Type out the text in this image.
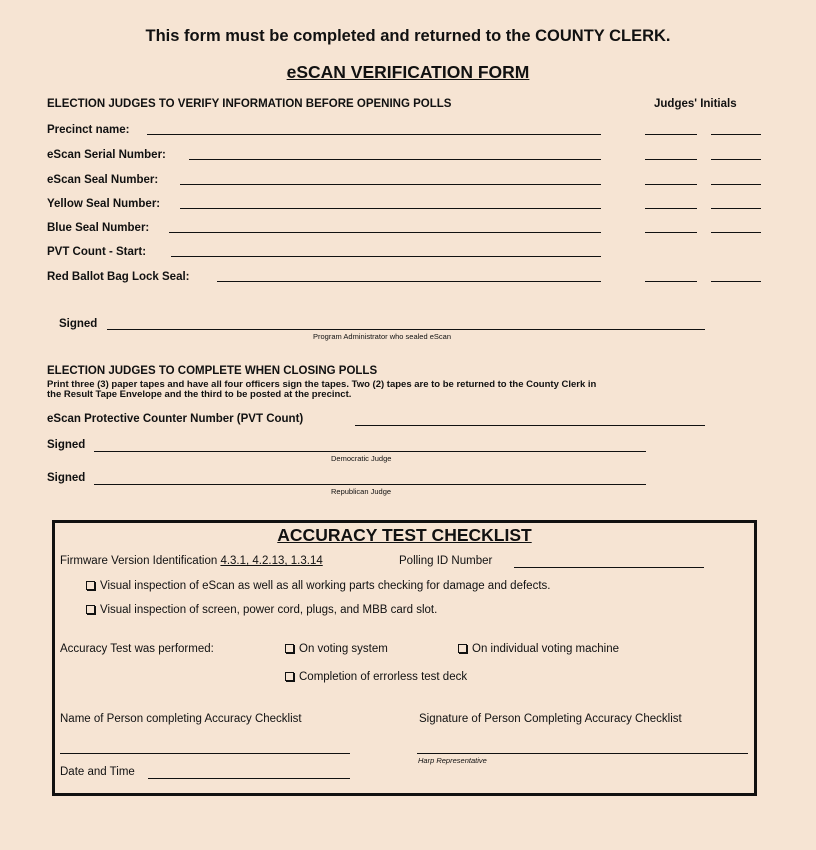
This form must be completed and returned to the COUNTY CLERK.
eSCAN VERIFICATION FORM
ELECTION JUDGES TO VERIFY INFORMATION BEFORE OPENING POLLS	Judges' Initials
Precinct name:
eScan Serial Number:
eScan Seal Number:
Yellow Seal Number:
Blue Seal Number:
PVT Count - Start:
Red Ballot Bag Lock Seal:
Signed
Program Administrator who sealed eScan
ELECTION JUDGES TO COMPLETE WHEN CLOSING POLLS
Print three (3) paper tapes and have all four officers sign the tapes. Two (2) tapes are to be returned to the County Clerk in
the Result Tape Envelope and the third to be posted at the precinct.
eScan Protective Counter Number (PVT Count)
Signed
Democratic Judge
Signed
Republican Judge
ACCURACY TEST CHECKLIST
Firmware Version Identification 4.3.1, 4.2.13, 1.3.14	Polling ID Number
Visual inspection of eScan as well as all working parts checking for damage and defects.
Visual inspection of screen, power cord, plugs, and MBB card slot.
Accuracy Test was performed:	On voting system	On individual voting machine
Completion of errorless test deck
Name of Person completing Accuracy Checklist	Signature of Person Completing Accuracy Checklist
Harp Representative
Date and Time
